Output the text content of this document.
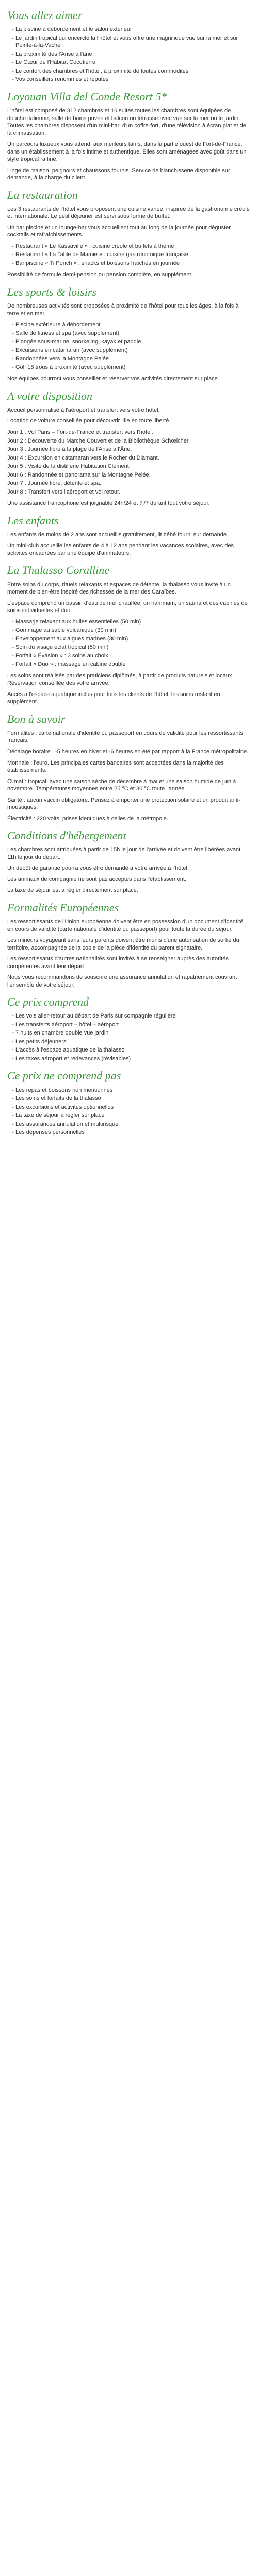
Vous allez aimer
• La piscine à débordement et le salon extérieur
• Le jardin tropical qui encercle la l'hôtel et vous offre une magnifique vue sur la mer et sur Pointe-à-la-Vache
• La proximité des l'Anse à l'âne
• Le Cœur de l'Habitat Cocotierre
• Le confort des chambres et l'hôtel, à proximité de toutes commodités
• Vos conseillers renommés et réputés
Loyouan Villa del Conde Resort 5*

L'hôtel est composé de 312 chambres et 16 suites toutes les chambres sont équipées de douche italienne, salle de bains privée et balcon ou terrasse avec vue sur la mer ou le jardin. Toutes les chambres disposent d'un mini-bar, d'un coffre-fort, d'une télévision à écran plat et de la climatisation.

Un parcours luxueux vous attend, aux meilleurs tarifs, dans la partie ouest de Fort-de-France, dans un établissement à la fois intime et authentique. Elles sont aménagées avec goût dans un style tropical raffiné.

Linge de maison, peignoirs et chaussons fournis. Service de blanchisserie disponible sur demande, à la charge du client.

La restauration

Les 3 restaurants de l'hôtel vous proposent une cuisine variée, inspirée de la gastronomie créole et internationale. Le petit déjeuner est servi sous forme de buffet.

Un bar piscine et un lounge-bar vous accueillent tout au long de la journée pour déguster cocktails et rafraîchissements.

• Restaurant « Le Kassaville » : cuisine créole et buffets à thème
• Restaurant « La Table de Mamie » : cuisine gastronomique française
• Bar piscine « Ti Ponch » : snacks et boissons fraîches en journée

Possibilité de formule demi-pension ou pension complète, en supplément.

Les sports & loisirs

De nombreuses activités sont proposées à proximité de l'hôtel pour tous les âges, à la fois à terre et en mer.

• Piscine extérieure à débordement
• Salle de fitness et spa (avec supplément)
• Plongée sous-marine, snorkeling, kayak et paddle
• Excursions en catamaran (avec supplément)
• Randonnées vers la Montagne Pelée
• Golf 18 trous à proximité (avec supplément)

Nos équipes pourront vous conseiller et réserver vos activités directement sur place.

A votre disposition

Accueil personnalisé à l'aéroport et transfert vers votre hôtel.

Location de voiture conseillée pour découvrir l'île en toute liberté.

Jour 1 : Vol Paris – Fort-de-France et transfert vers l'hôtel.
Jour 2 : Découverte du Marché Couvert et de la Bibliothèque Schœlcher.
Jour 3 : Journée libre à la plage de l'Anse à l'Âne.
Jour 4 : Excursion en catamaran vers le Rocher du Diamant.
Jour 5 : Visite de la distillerie Habitation Clément.
Jour 6 : Randonnée et panorama sur la Montagne Pelée.
Jour 7 : Journée libre, détente et spa.
Jour 8 : Transfert vers l'aéroport et vol retour.

Une assistance francophone est joignable 24h/24 et 7j/7 durant tout votre séjour.

Les enfants

Les enfants de moins de 2 ans sont accueillis gratuitement, lit bébé fourni sur demande.

Un mini-club accueille les enfants de 4 à 12 ans pendant les vacances scolaires, avec des activités encadrées par une équipe d'animateurs.

La Thalasso Coralline

Entre soins du corps, rituels relaxants et espaces de détente, la thalasso vous invite à un moment de bien-être inspiré des richesses de la mer des Caraïbes.

L'espace comprend un bassin d'eau de mer chauffée, un hammam, un sauna et des cabines de soins individuelles et duo.

• Massage relaxant aux huiles essentielles (50 min)
• Gommage au sable volcanique (30 min)
• Enveloppement aux algues marines (30 min)
• Soin du visage éclat tropical (50 min)
• Forfait « Évasion » : 3 soins au choix
• Forfait « Duo » : massage en cabine double

Les soins sont réalisés par des praticiens diplômés, à partir de produits naturels et locaux. Réservation conseillée dès votre arrivée.

Accès à l'espace aquatique inclus pour tous les clients de l'hôtel, les soins restant en supplément.

Bon à savoir

Formalités : carte nationale d'identité ou passeport en cours de validité pour les ressortissants français.

Décalage horaire : -5 heures en hiver et -6 heures en été par rapport à la France métropolitaine.

Monnaie : l'euro. Les principales cartes bancaires sont acceptées dans la majorité des établissements.

Climat : tropical, avec une saison sèche de décembre à mai et une saison humide de juin à novembre. Températures moyennes entre 25 °C et 30 °C toute l'année.

Santé : aucun vaccin obligatoire. Pensez à emporter une protection solaire et un produit anti-moustiques.

Électricité : 220 volts, prises identiques à celles de la métropole.

Conditions d'hébergement

Les chambres sont attribuées à partir de 15h le jour de l'arrivée et doivent être libérées avant 11h le jour du départ.

Un dépôt de garantie pourra vous être demandé à votre arrivée à l'hôtel.

Les animaux de compagnie ne sont pas acceptés dans l'établissement.

La taxe de séjour est à régler directement sur place.

Formalités Européennes

Les ressortissants de l'Union européenne doivent être en possession d'un document d'identité en cours de validité (carte nationale d'identité ou passeport) pour toute la durée du séjour.

Les mineurs voyageant sans leurs parents doivent être munis d'une autorisation de sortie du territoire, accompagnée de la copie de la pièce d'identité du parent signataire.

Les ressortissants d'autres nationalités sont invités à se renseigner auprès des autorités compétentes avant leur départ.

Nous vous recommandons de souscrire une assurance annulation et rapatriement couvrant l'ensemble de votre séjour.

Ce prix comprend
• Les vols aller-retour au départ de Paris sur compagnie régulière
• Les transferts aéroport – hôtel – aéroport
• 7 nuits en chambre double vue jardin
• Les petits déjeuners
• L'accès à l'espace aquatique de la thalasso
• Les taxes aéroport et redevances (révisables)
Ce prix ne comprend pas
• Les repas et boissons non mentionnés
• Les soins et forfaits de la thalasso
• Les excursions et activités optionnelles
• La taxe de séjour à régler sur place
• Les assurances annulation et multirisque
• Les dépenses personnelles
